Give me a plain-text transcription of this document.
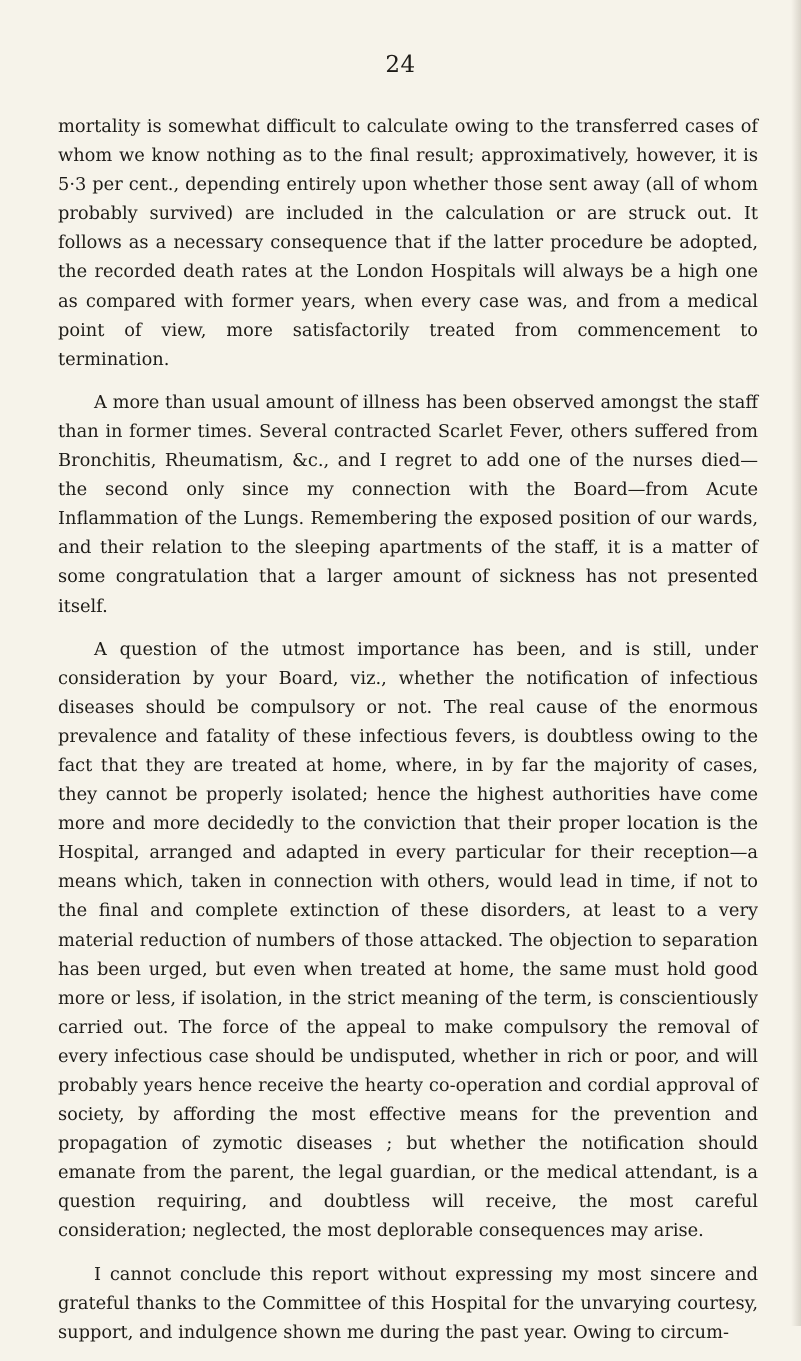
24

mortality is somewhat difficult to calculate owing to the transferred cases of whom we know nothing as to the final result; approximatively, however, it is 5·3 per cent., depending entirely upon whether those sent away (all of whom probably survived) are included in the calculation or are struck out. It follows as a necessary consequence that if the latter procedure be adopted, the recorded death rates at the London Hospitals will always be a high one as compared with former years, when every case was, and from a medical point of view, more satisfactorily treated from commencement to termination.

A more than usual amount of illness has been observed amongst the staff than in former times. Several contracted Scarlet Fever, others suffered from Bronchitis, Rheumatism, &c., and I regret to add one of the nurses died— the second only since my connection with the Board—from Acute Inflammation of the Lungs. Remembering the exposed position of our wards, and their relation to the sleeping apartments of the staff, it is a matter of some congratulation that a larger amount of sickness has not presented itself.

A question of the utmost importance has been, and is still, under consideration by your Board, viz., whether the notification of infectious diseases should be compulsory or not. The real cause of the enormous prevalence and fatality of these infectious fevers, is doubtless owing to the fact that they are treated at home, where, in by far the majority of cases, they cannot be properly isolated; hence the highest authorities have come more and more decidedly to the conviction that their proper location is the Hospital, arranged and adapted in every particular for their reception—a means which, taken in connection with others, would lead in time, if not to the final and complete extinction of these disorders, at least to a very material reduction of numbers of those attacked. The objection to separation has been urged, but even when treated at home, the same must hold good more or less, if isolation, in the strict meaning of the term, is conscientiously carried out. The force of the appeal to make compulsory the removal of every infectious case should be undisputed, whether in rich or poor, and will probably years hence receive the hearty co-operation and cordial approval of society, by affording the most effective means for the prevention and propagation of zymotic diseases ; but whether the notification should emanate from the parent, the legal guardian, or the medical attendant, is a question requiring, and doubtless will receive, the most careful consideration; neglected, the most deplorable consequences may arise.

I cannot conclude this report without expressing my most sincere and grateful thanks to the Committee of this Hospital for the unvarying courtesy, support, and indulgence shown me during the past year. Owing to circum-
